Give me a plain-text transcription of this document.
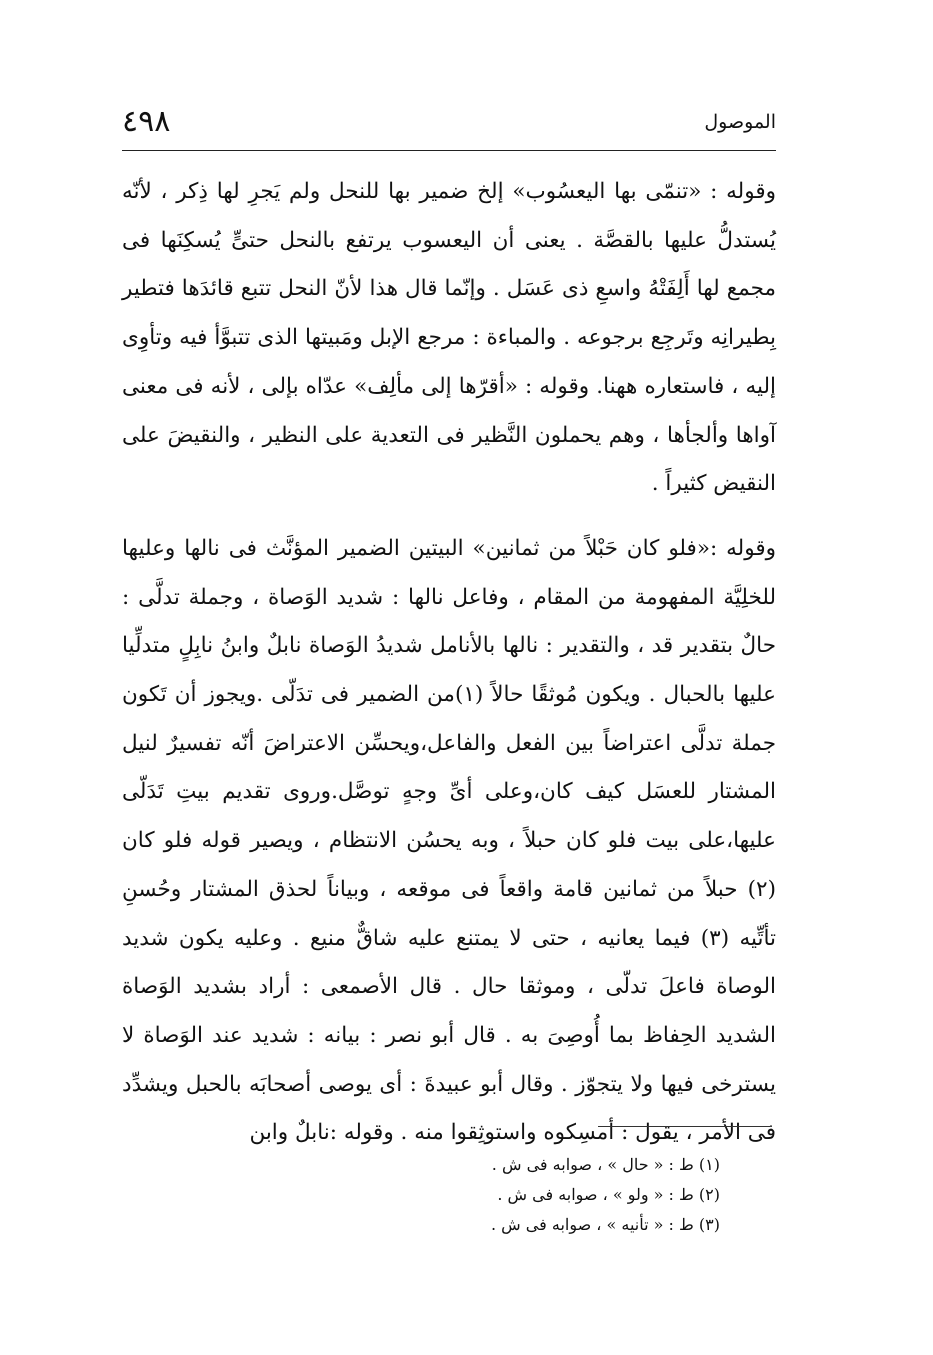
الموصول
٤٩٨

وقوله : «تنمّى بها اليعسُوب» إلخ ضمير بها للنحل ولم يَجرِ لها ذِكر ، لأنّه يُستدلُّ عليها بالقصَّة . يعنى أن اليعسوب يرتفع بالنحل حتىٍّ يُسكِنَها فى مجمع لها أَلِفَتْهُ واسعِ ذى عَسَل . وإنّما قال هذا لأنّ النحل تتبع قائدَها فتطير بِطيرانِه وتَرجِع برجوعه . والمباءة : مرجع الإبل ومَبيتها الذى تتبوَّأ فيه وتأوِى إليه ، فاستعاره ههنا. وقوله : «أقرّها إلى مألِف» عدّاه بإلى ، لأنه فى معنى آواها وألجأها ، وهم يحملون النَّظير فى التعدية على النظير ، والنقيضَ على النقيض كثيراً .

وقوله :«فلو كان حَبْلاً من ثمانين» البيتين الضمير المؤنَّث فى نالها وعليها للخلِيَّة المفهومة من المقام ، وفاعل نالها : شديد الوَصاة ، وجملة تدلَّى : حالٌ بتقدير قد ، والتقدير : نالها بالأنامل شديدُ الوَصاة نابلٌ وابنُ نابِلٍ متدلِّيا عليها بالحبال . ويكون مُوثقًا حالاً (١)من الضمير فى تدَلّى .ويجوز أن تَكون جملة تدلَّى اعتراضاً بين الفعل والفاعل،ويحسِّن الاعتراضَ أنّه تفسيرٌ لنيل المشتار للعسَل كيف كان،وعلى أىِّ وجهٍ توصَّل.وروى تقديم بيتِ تَدَلّى عليها،على بيت فلو كان حبلاً ، وبه يحسُن الانتظام ، ويصير قوله فلو كان (٢) حبلاً من ثمانين قامة واقعاً فى موقعه ، وبياناً لحذق المشتار وحُسنِ تأتِّيه (٣) فيما يعانيه ، حتى لا يمتنع عليه شاقٌّ منيع . وعليه يكون شديد الوصاة فاعلَ تدلّى ، وموثقا حال . قال الأصمعى : أراد بشديد الوَصاة الشديد الحِفاظ بما أُوصِىَ به . قال أبو نصر : بيانه : شديد عند الوَصاة لا يسترخى فيها ولا يتجوّز . وقال أبو عبيدةَ : أى يوصى أصحابَه بالحبل ويشدِّد فى الأمر ، يقول : أمسِكوه واستوثِقوا منه . وقوله :نابلٌ وابن

(١) ط : « حال » ، صوابه فى ش .
(٢) ط : « ولو » ، صوابه فى ش .
(٣) ط : « تأنيه » ، صوابه فى ش .
